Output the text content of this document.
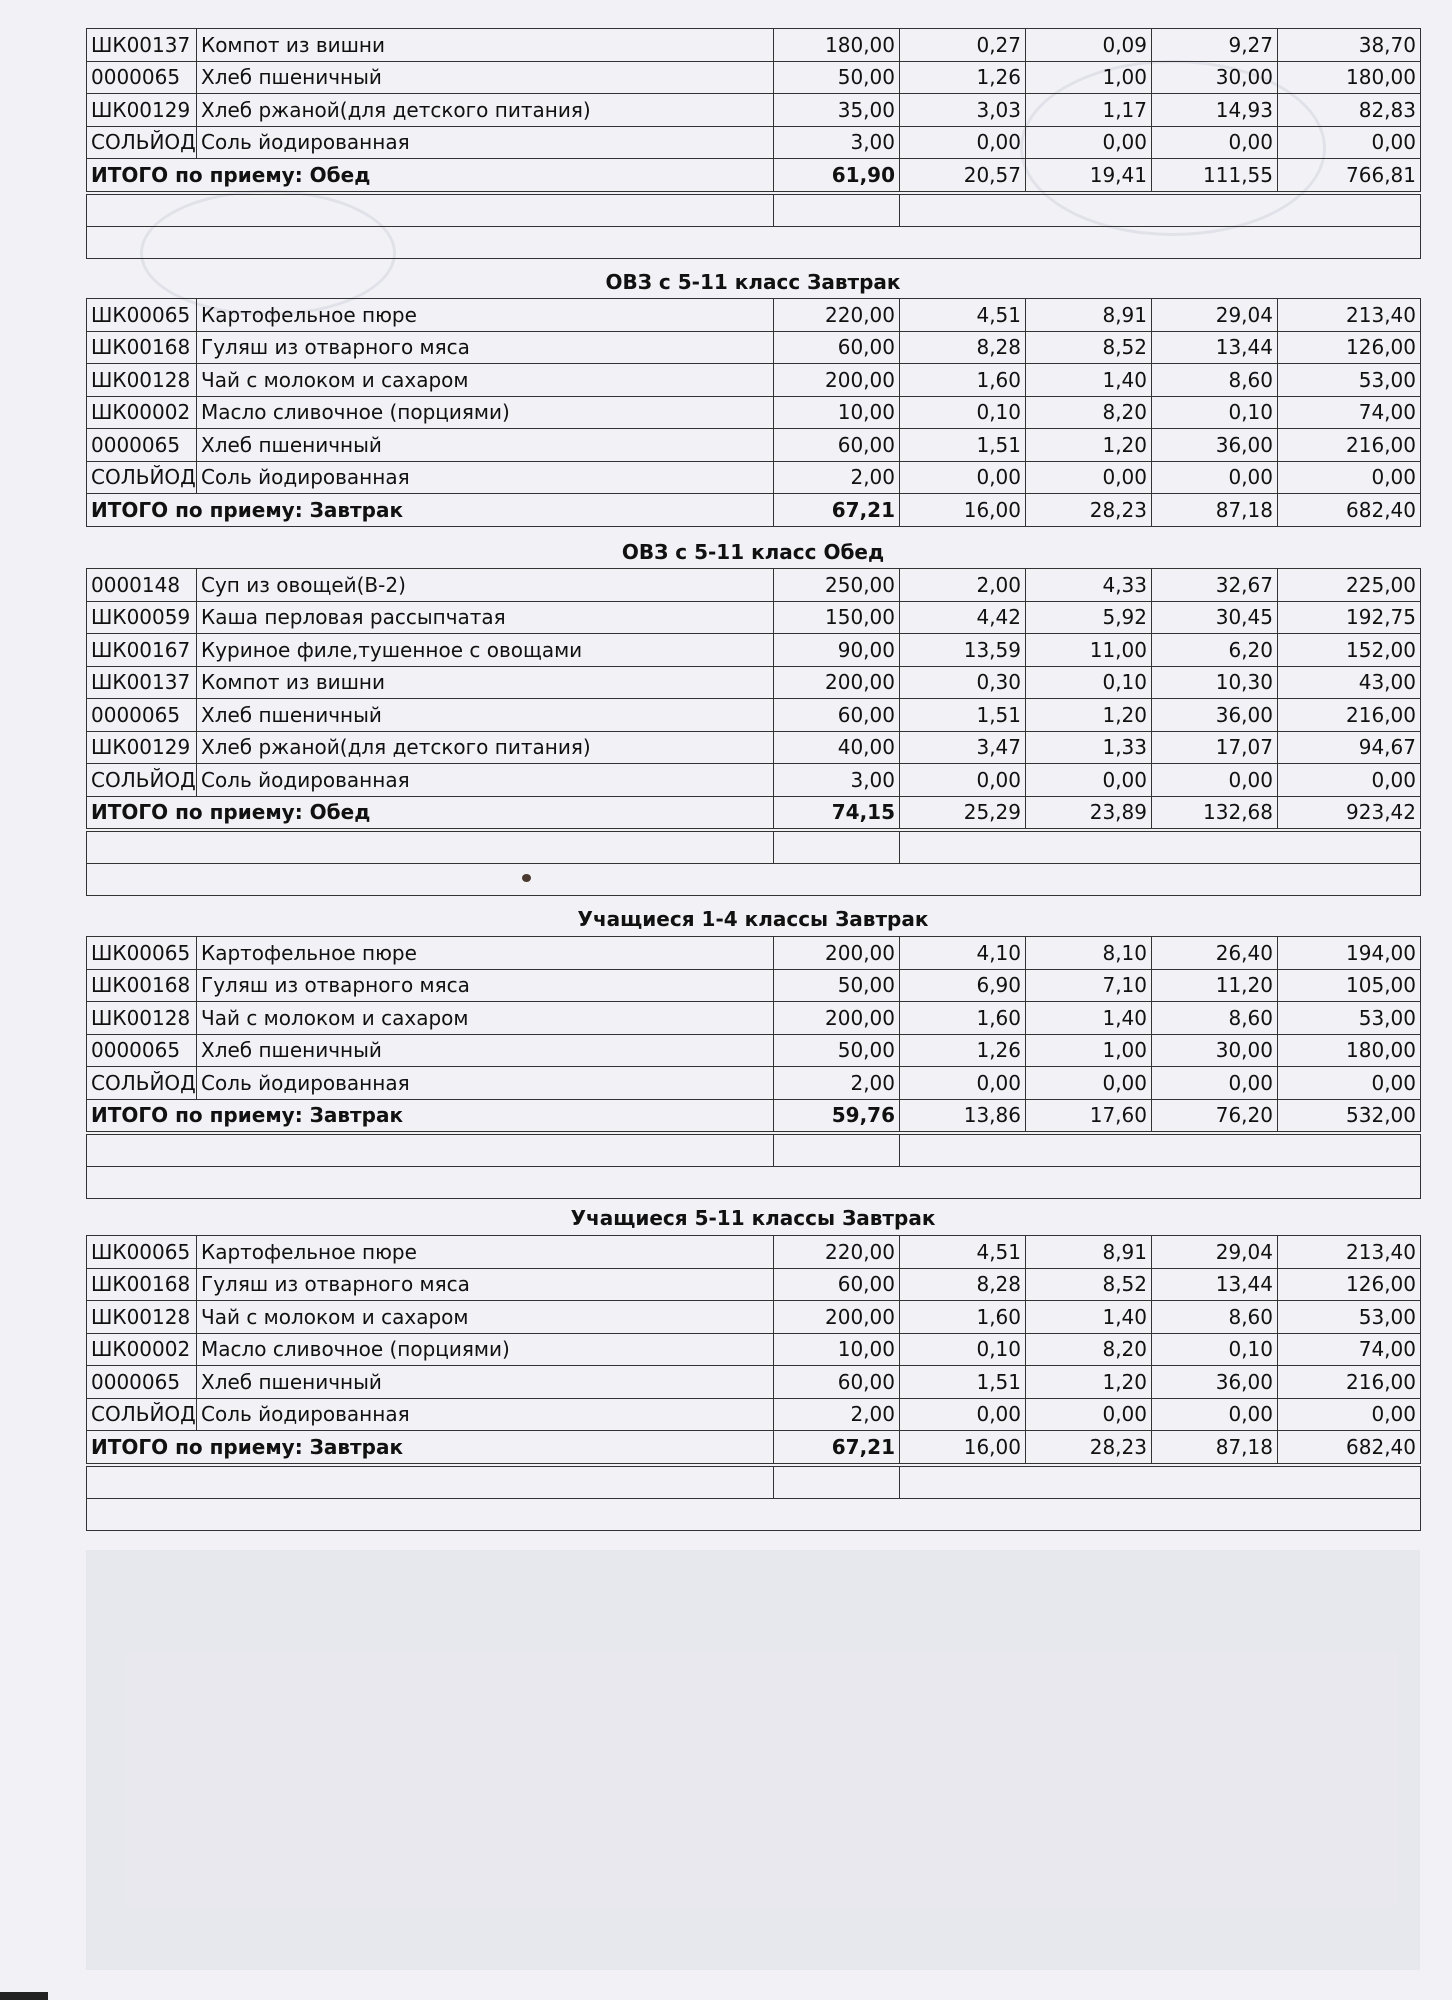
ШК00137	Компот из вишни	180,00	0,27	0,09	9,27	38,70
0000065	Хлеб пшеничный	50,00	1,26	1,00	30,00	180,00
ШК00129	Хлеб ржаной(для детского питания)	35,00	3,03	1,17	14,93	82,83
СОЛЬЙОД	Соль йодированная	3,00	0,00	0,00	0,00	0,00
ИТОГО по приему: Обед		61,90	20,57	19,41	111,55	766,81

ОВЗ с 5-11 класс Завтрак
ШК00065	Картофельное пюре	220,00	4,51	8,91	29,04	213,40
ШК00168	Гуляш из отварного мяса	60,00	8,28	8,52	13,44	126,00
ШК00128	Чай с молоком и сахаром	200,00	1,60	1,40	8,60	53,00
ШК00002	Масло сливочное (порциями)	10,00	0,10	8,20	0,10	74,00
0000065	Хлеб пшеничный	60,00	1,51	1,20	36,00	216,00
СОЛЬЙОД	Соль йодированная	2,00	0,00	0,00	0,00	0,00
ИТОГО по приему: Завтрак		67,21	16,00	28,23	87,18	682,40
ОВЗ с 5-11 класс Обед
0000148	Суп из овощей(В-2)	250,00	2,00	4,33	32,67	225,00
ШК00059	Каша перловая рассыпчатая	150,00	4,42	5,92	30,45	192,75
ШК00167	Куриное филе,тушенное с овощами	90,00	13,59	11,00	6,20	152,00
ШК00137	Компот из вишни	200,00	0,30	0,10	10,30	43,00
0000065	Хлеб пшеничный	60,00	1,51	1,20	36,00	216,00
ШК00129	Хлеб ржаной(для детского питания)	40,00	3,47	1,33	17,07	94,67
СОЛЬЙОД	Соль йодированная	3,00	0,00	0,00	0,00	0,00
ИТОГО по приему: Обед		74,15	25,29	23,89	132,68	923,42

Учащиеся 1-4 классы Завтрак
ШК00065	Картофельное пюре	200,00	4,10	8,10	26,40	194,00
ШК00168	Гуляш из отварного мяса	50,00	6,90	7,10	11,20	105,00
ШК00128	Чай с молоком и сахаром	200,00	1,60	1,40	8,60	53,00
0000065	Хлеб пшеничный	50,00	1,26	1,00	30,00	180,00
СОЛЬЙОД	Соль йодированная	2,00	0,00	0,00	0,00	0,00
ИТОГО по приему: Завтрак		59,76	13,86	17,60	76,20	532,00

Учащиеся 5-11 классы Завтрак
ШК00065	Картофельное пюре	220,00	4,51	8,91	29,04	213,40
ШК00168	Гуляш из отварного мяса	60,00	8,28	8,52	13,44	126,00
ШК00128	Чай с молоком и сахаром	200,00	1,60	1,40	8,60	53,00
ШК00002	Масло сливочное (порциями)	10,00	0,10	8,20	0,10	74,00
0000065	Хлеб пшеничный	60,00	1,51	1,20	36,00	216,00
СОЛЬЙОД	Соль йодированная	2,00	0,00	0,00	0,00	0,00
ИТОГО по приему: Завтрак		67,21	16,00	28,23	87,18	682,40
